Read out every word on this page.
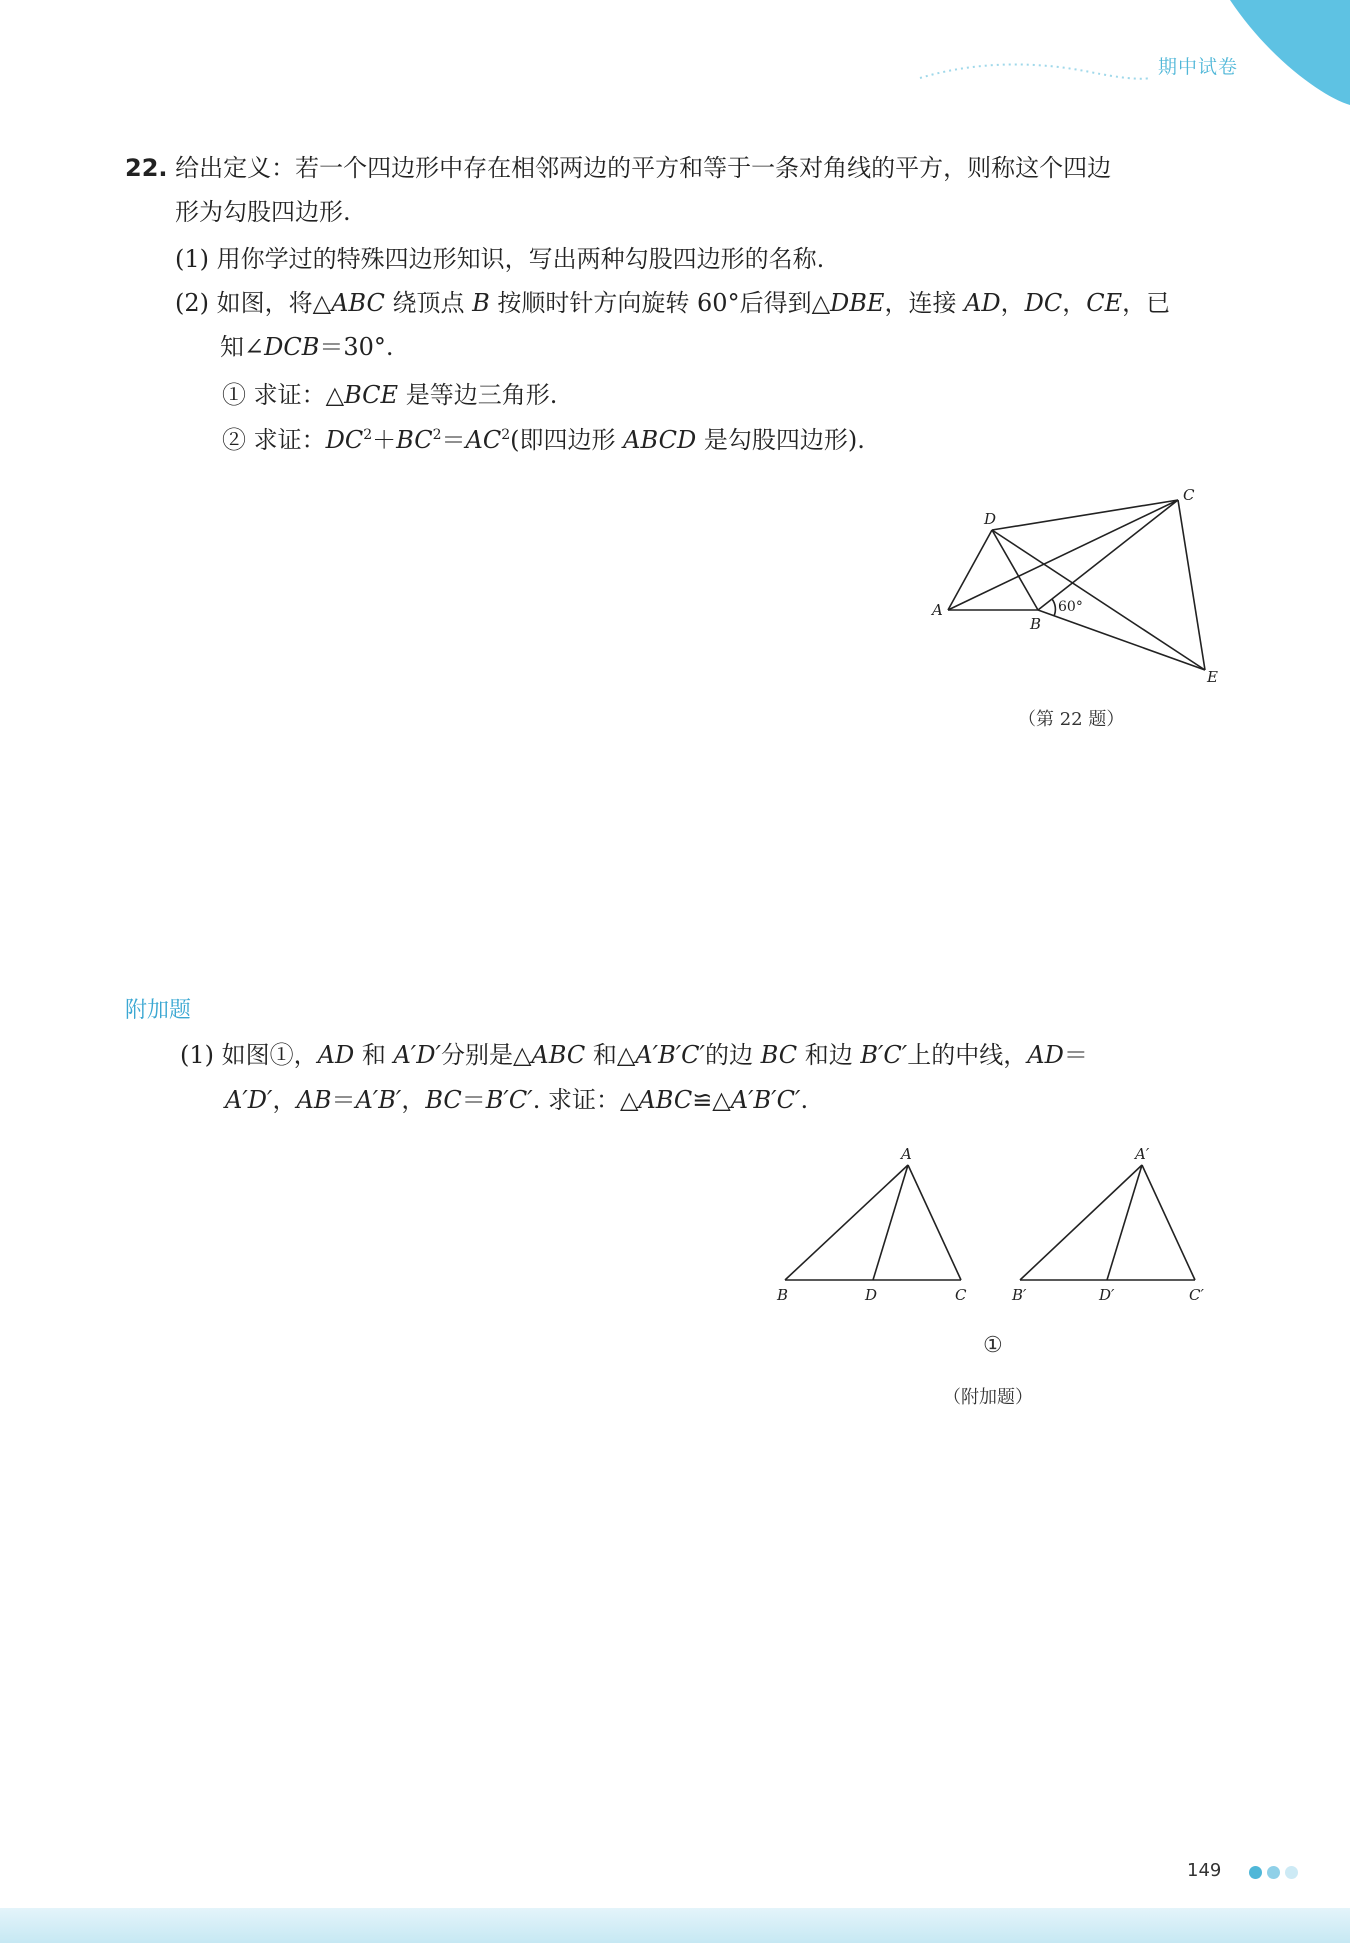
期中试卷
22. 给出定义：若一个四边形中存在相邻两边的平方和等于一条对角线的平方，则称这个四边
形为勾股四边形.
(1) 用你学过的特殊四边形知识，写出两种勾股四边形的名称.
(2) 如图，将△ABC 绕顶点 B 按顺时针方向旋转 60°后得到△DBE，连接 AD，DC，CE，已
知∠DCB＝30°.
① 求证：△BCE 是等边三角形.
② 求证：$DC^2+BC^2=AC^2$(即四边形 ABCD 是勾股四边形).
D
C
A
B
E
60°
（第 22 题）
附加题
(1) 如图①，AD 和 A′D′分别是△ABC 和△A′B′C′的边 BC 和边 B′C′上的中线，AD＝
A′D′，AB＝A′B′，BC＝B′C′. 求证：△ABC≌△A′B′C′.
A
B	D	C
A′
B′	D′	C′
①
（附加题）
149
